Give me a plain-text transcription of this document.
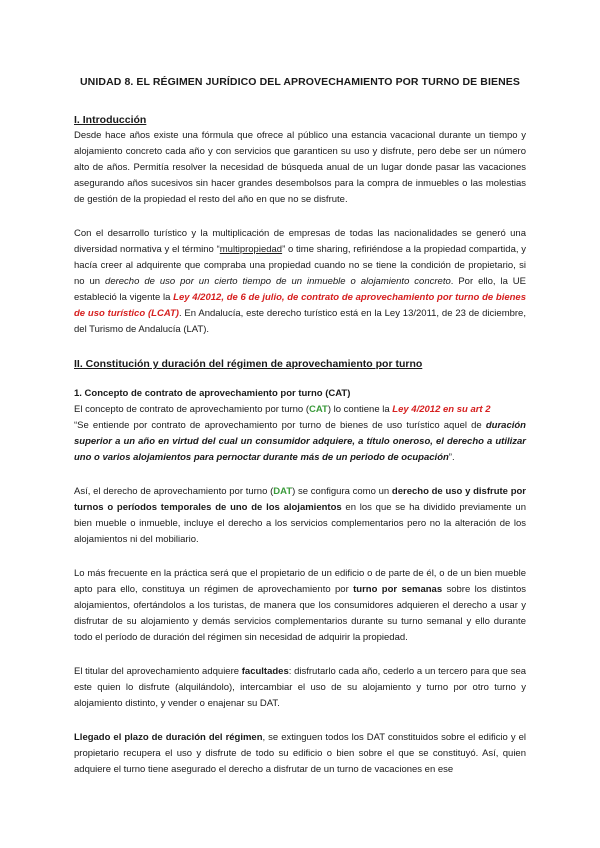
UNIDAD 8. EL RÉGIMEN JURÍDICO DEL APROVECHAMIENTO POR TURNO DE BIENES
I. Introducción

Desde hace años existe una fórmula que ofrece al público una estancia vacacional durante un tiempo y alojamiento concreto cada año y con servicios que garanticen su uso y disfrute, pero debe ser un número alto de años. Permitía resolver la necesidad de búsqueda anual de un lugar donde pasar las vacaciones asegurando años sucesivos sin hacer grandes desembolsos para la compra de inmuebles o las molestias de gestión de la propiedad el resto del año en que no se disfrute.

Con el desarrollo turístico y la multiplicación de empresas de todas las nacionalidades se generó una diversidad normativa y el término “multipropiedad” o time sharing, refiriéndose a la propiedad compartida, y hacía creer al adquirente que compraba una propiedad cuando no se tiene la condición de propietario, si no un derecho de uso por un cierto tiempo de un inmueble o alojamiento concreto. Por ello, la UE estableció la vigente la Ley 4/2012, de 6 de julio, de contrato de aprovechamiento por turno de bienes de uso turístico (LCAT). En Andalucía, este derecho turístico está en la Ley 13/2011, de 23 de diciembre, del Turismo de Andalucía (LAT).

II. Constitución y duración del régimen de aprovechamiento por turno
1. Concepto de contrato de aprovechamiento por turno (CAT)

El concepto de contrato de aprovechamiento por turno (CAT) lo contiene la Ley 4/2012 en su art 2
“Se entiende por contrato de aprovechamiento por turno de bienes de uso turístico aquel de duración superior a un año en virtud del cual un consumidor adquiere, a título oneroso, el derecho a utilizar uno o varios alojamientos para pernoctar durante más de un periodo de ocupación”.

Así, el derecho de aprovechamiento por turno (DAT) se configura como un derecho de uso y disfrute por turnos o períodos temporales de uno de los alojamientos en los que se ha dividido previamente un bien mueble o inmueble, incluye el derecho a los servicios complementarios pero no la alteración de los alojamientos ni del mobiliario.

Lo más frecuente en la práctica será que el propietario de un edificio o de parte de él, o de un bien mueble apto para ello, constituya un régimen de aprovechamiento por turno por semanas sobre los distintos alojamientos, ofertándolos a los turistas, de manera que los consumidores adquieren el derecho a usar y disfrutar de su alojamiento y demás servicios complementarios durante su turno semanal y ello durante todo el período de duración del régimen sin necesidad de adquirir la propiedad.

El titular del aprovechamiento adquiere facultades: disfrutarlo cada año, cederlo a un tercero para que sea este quien lo disfrute (alquilándolo), intercambiar el uso de su alojamiento y turno por otro turno y alojamiento distinto, y vender o enajenar su DAT.

Llegado el plazo de duración del régimen, se extinguen todos los DAT constituidos sobre el edificio y el propietario recupera el uso y disfrute de todo su edificio o bien sobre el que se constituyó. Así, quien adquiere el turno tiene asegurado el derecho a disfrutar de un turno de vacaciones en ese
